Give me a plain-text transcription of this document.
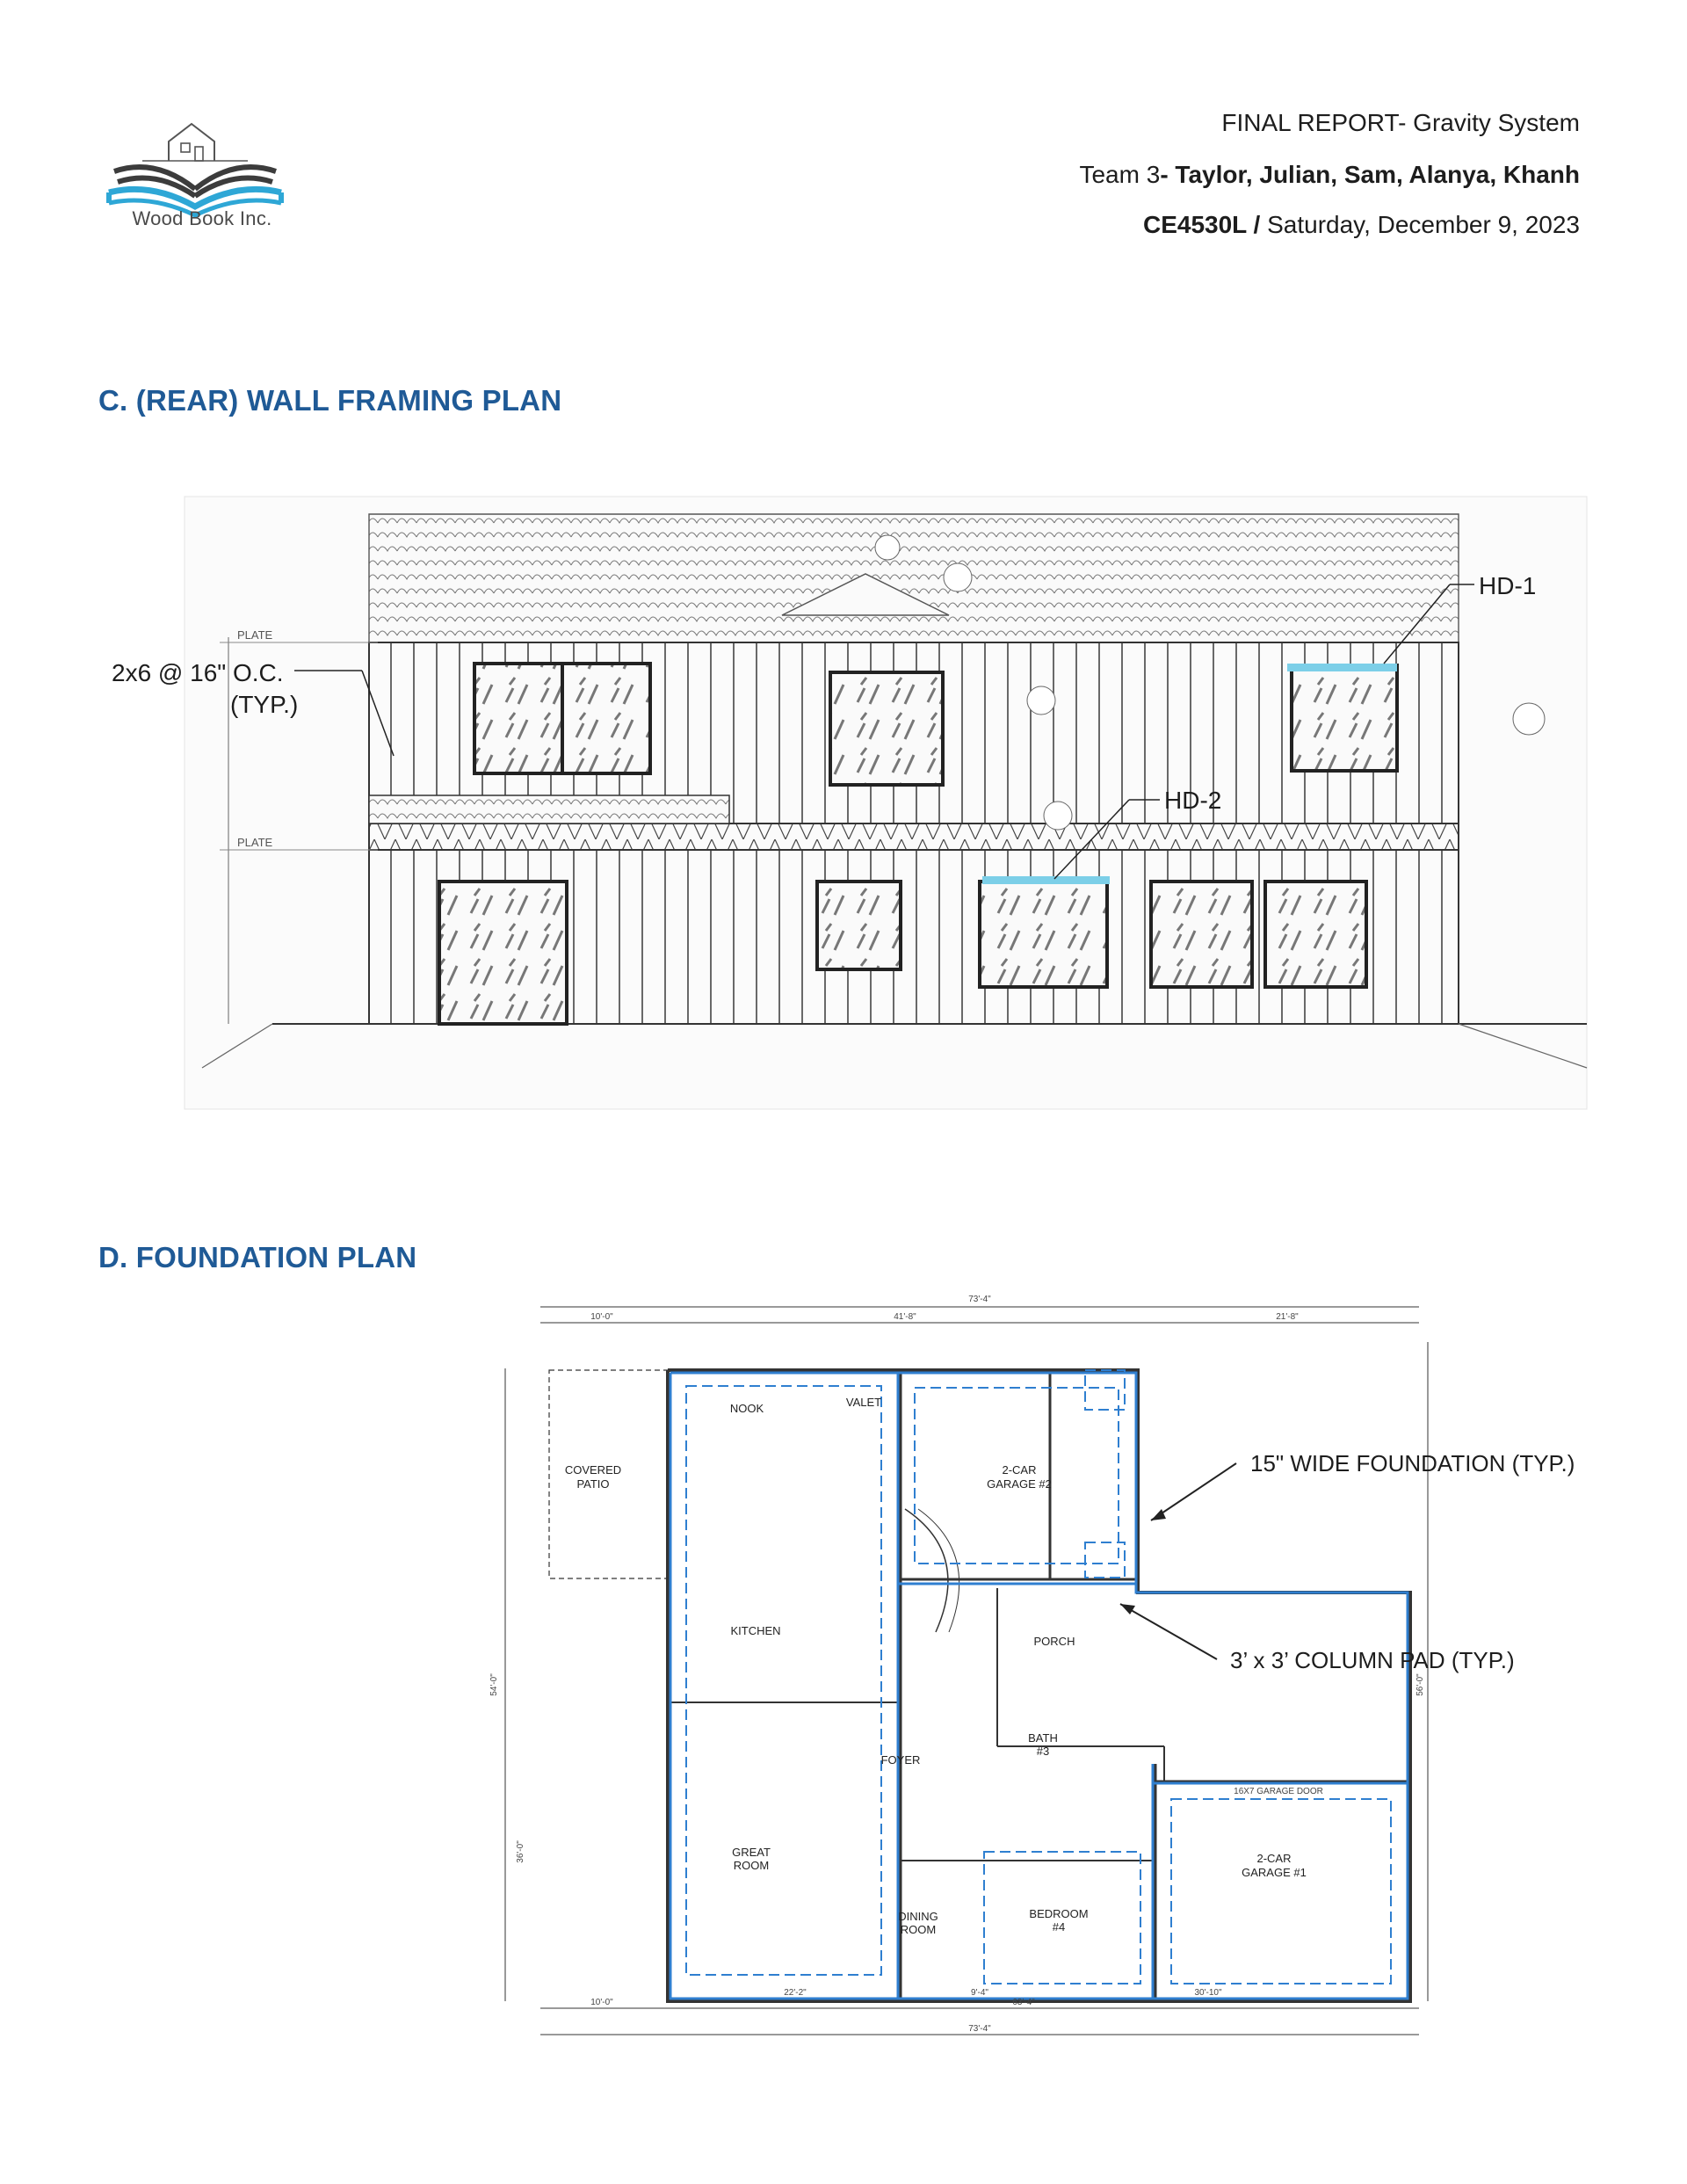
Wood Book Inc.
FINAL REPORT- Gravity System
Team 3- Taylor, Julian, Sam, Alanya, Khanh
CE4530L / Saturday, December 9, 2023
C. (REAR) WALL FRAMING PLAN
D. FOUNDATION PLAN
PLATE
PLATE
NOOK	VALET
2-CAR
GARAGE #2
COVERED
PATIO
KITCHEN
PORCH
FOYER
BATH
#3
GREAT
ROOM
2-CAR
GARAGE #1
DINING
ROOM
BEDROOM
#4
16X7 GARAGE DOOR
73'-4"
10'-0"	41'-8"	21'-8"
10'-0"
22'-2"	9'-4"	30'-10"
63'-4"
73'-4"
54'-0"
36'-0"
56'-0"
2x6 @ 16" O.C.
(TYP.)
HD-1
HD-2
15" WIDE FOUNDATION (TYP.)
3’ x 3’ COLUMN PAD (TYP.)
